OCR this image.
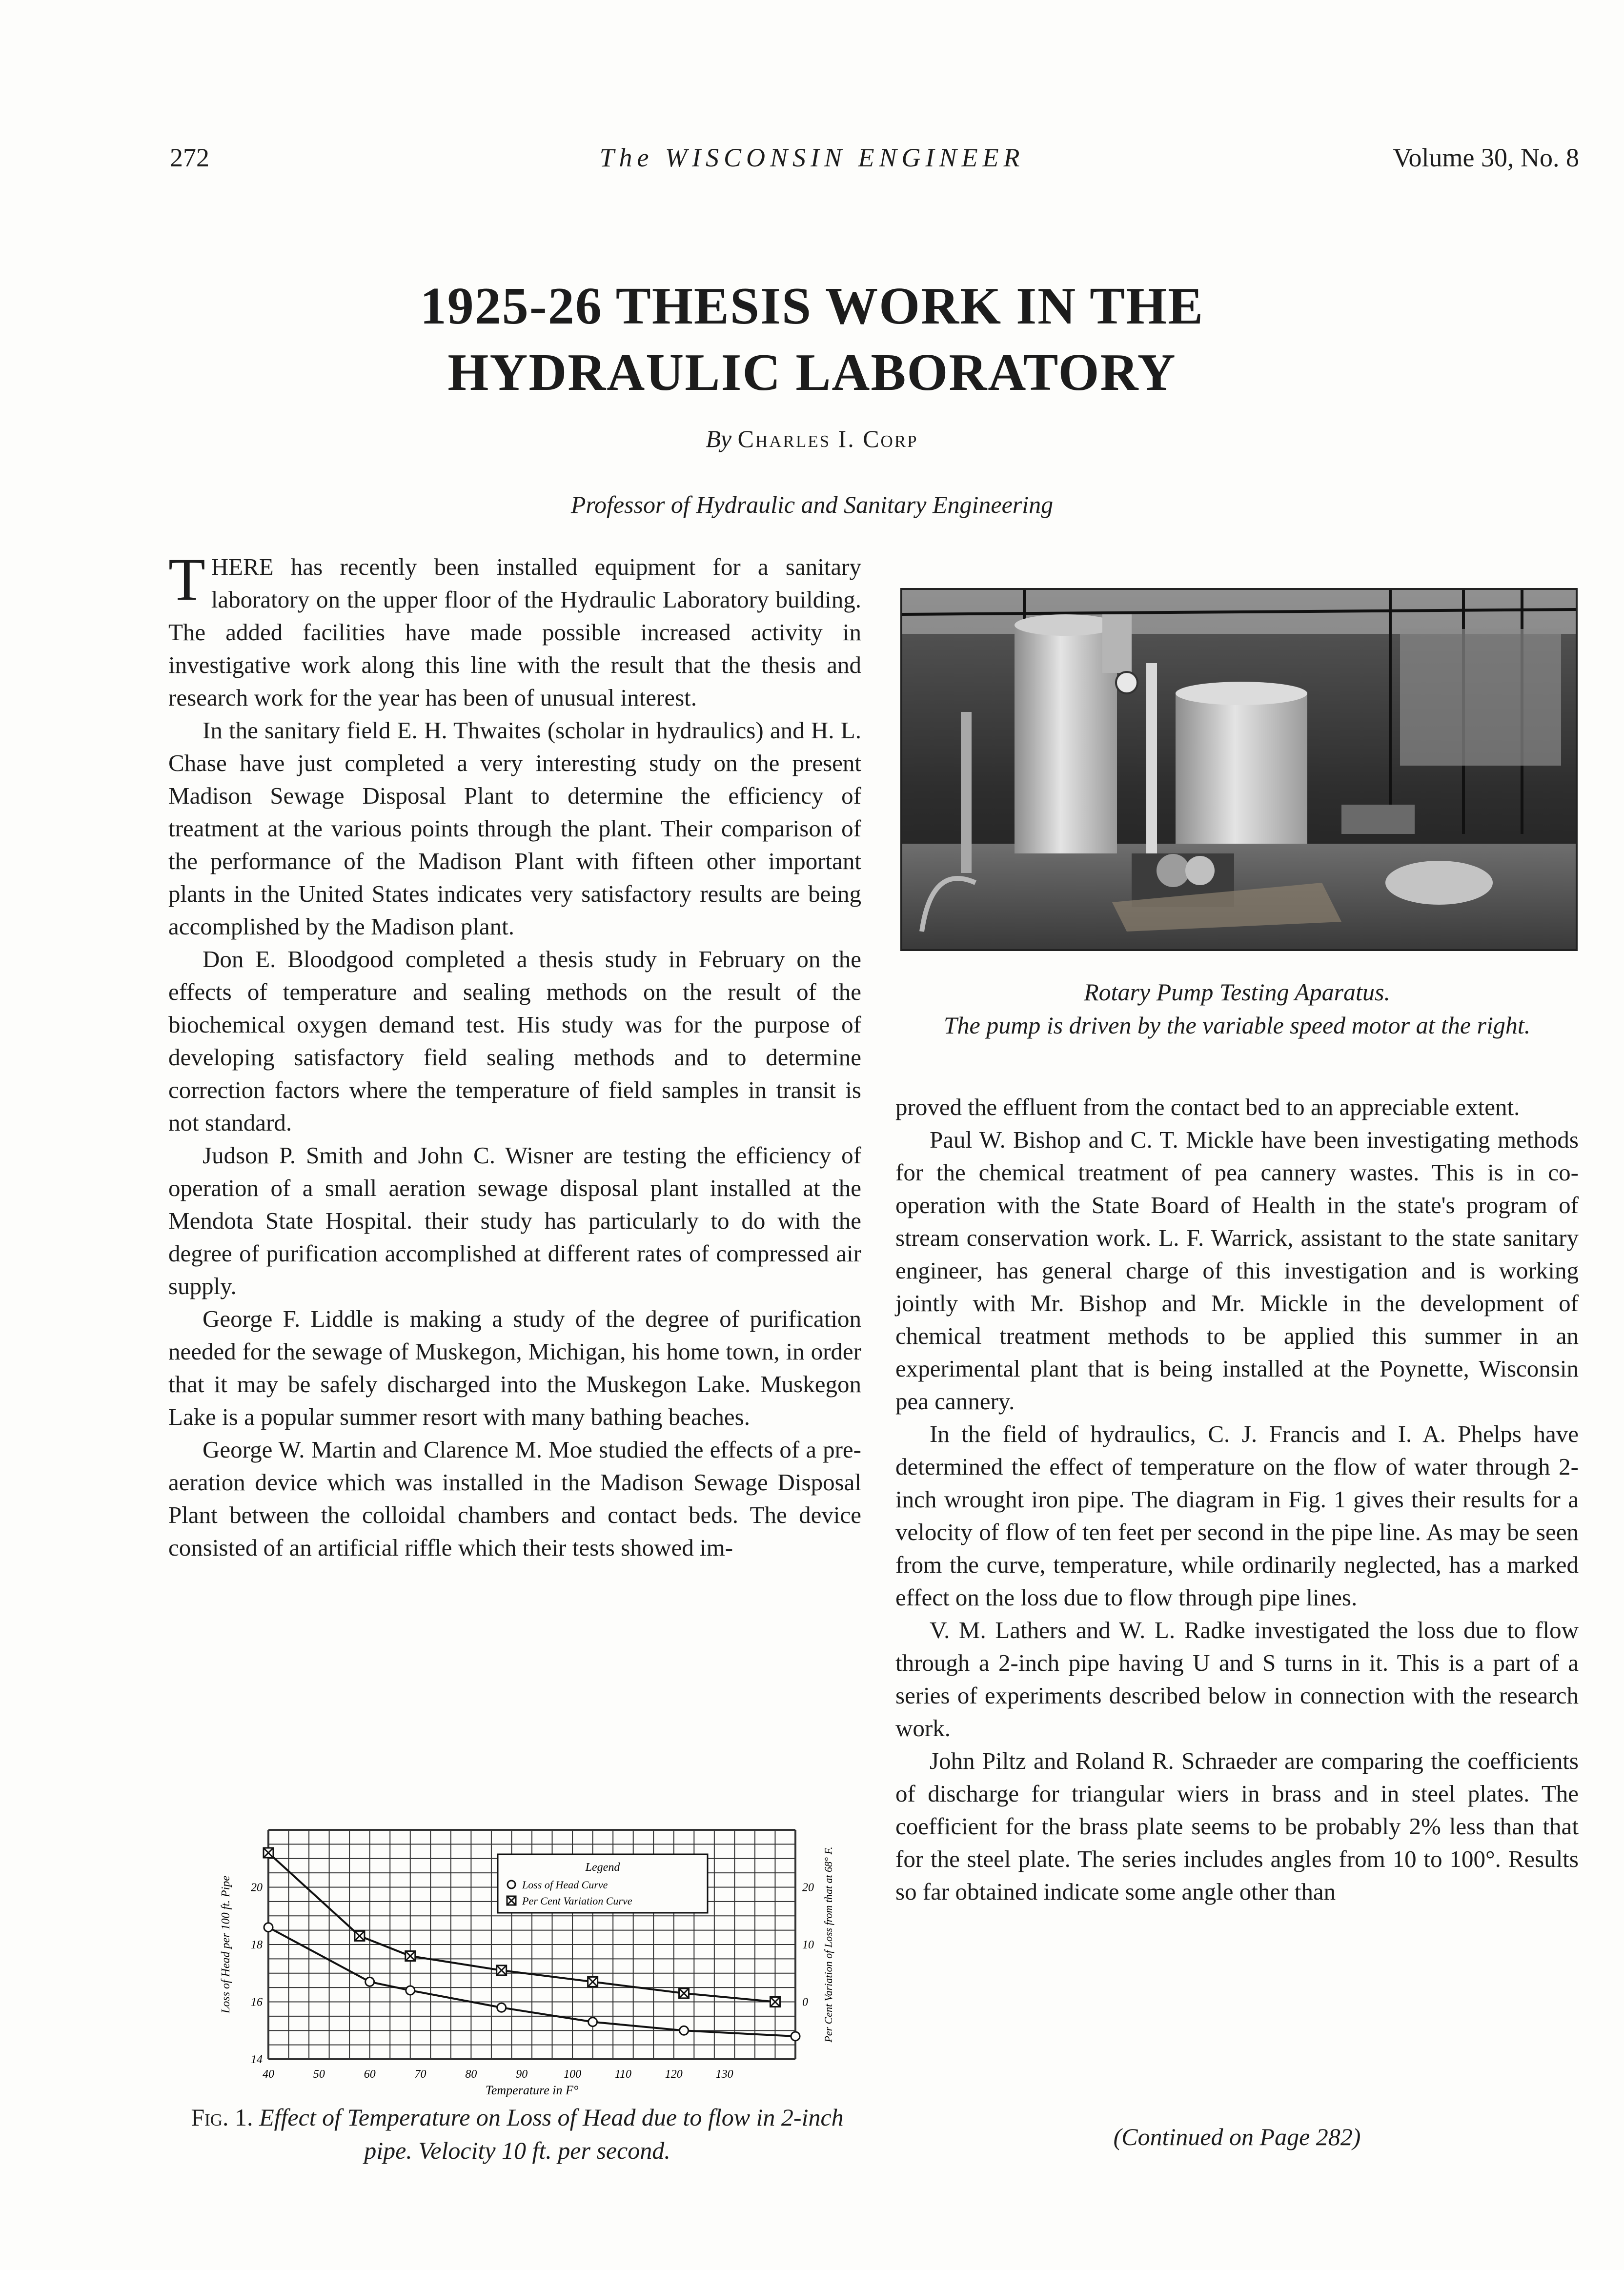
272	The WISCONSIN ENGINEER	Volume 30, No. 8
1925-26 THESIS WORK IN THE
HYDRAULIC LABORATORY
By Charles I. Corp
Professor of Hydraulic and Sanitary Engineering

THERE has recently been installed equipment for a sanitary laboratory on the upper floor of the Hydraulic Laboratory building. The added facilities have made possible increased activity in investigative work along this line with the result that the thesis and research work for the year has been of unusual interest.

In the sanitary field E. H. Thwaites (scholar in hydraulics) and H. L. Chase have just completed a very interesting study on the present Madison Sewage Disposal Plant to determine the efficiency of treatment at the various points through the plant. Their comparison of the performance of the Madison Plant with fifteen other important plants in the United States indicates very satisfactory results are being accomplished by the Madison plant.

Don E. Bloodgood completed a thesis study in February on the effects of temperature and sealing methods on the result of the biochemical oxygen demand test. His study was for the purpose of developing satisfactory field sealing methods and to determine correction factors where the temperature of field samples in transit is not standard.

Judson P. Smith and John C. Wisner are testing the efficiency of operation of a small aeration sewage disposal plant installed at the Mendota State Hospital. their study has particularly to do with the degree of purification accomplished at different rates of compressed air supply.

George F. Liddle is making a study of the degree of purification needed for the sewage of Muskegon, Michigan, his home town, in order that it may be safely discharged into the Muskegon Lake. Muskegon Lake is a popular summer resort with many bathing beaches.

George W. Martin and Clarence M. Moe studied the effects of a pre-aeration device which was installed in the Madison Sewage Disposal Plant between the colloidal chambers and contact beds. The device consisted of an artificial riffle which their tests showed im-

Rotary Pump Testing Aparatus.
The pump is driven by the variable speed motor at the right.

proved the effluent from the contact bed to an appreciable extent.

Paul W. Bishop and C. T. Mickle have been investigating methods for the chemical treatment of pea cannery wastes. This is in co-operation with the State Board of Health in the state's program of stream conservation work. L. F. Warrick, assistant to the state sanitary engineer, has general charge of this investigation and is working jointly with Mr. Bishop and Mr. Mickle in the development of chemical treatment methods to be applied this summer in an experimental plant that is being installed at the Poynette, Wisconsin pea cannery.

In the field of hydraulics, C. J. Francis and I. A. Phelps have determined the effect of temperature on the flow of water through 2-inch wrought iron pipe. The diagram in Fig. 1 gives their results for a velocity of flow of ten feet per second in the pipe line. As may be seen from the curve, temperature, while ordinarily neglected, has a marked effect on the loss due to flow through pipe lines.

V. M. Lathers and W. L. Radke investigated the loss due to flow through a 2-inch pipe having U and S turns in it. This is a part of a series of experiments described below in connection with the research work.

John Piltz and Roland R. Schraeder are comparing the coefficients of discharge for triangular wiers in brass and in steel plates. The coefficient for the brass plate seems to be probably 2% less than that for the steel plate. The series includes angles from 10 to 100°. Results so far obtained indicate some angle other than

(Continued on Page 282)
40	50	60	70	80	90	100	110	120	130
14
16
18
20
0
10
20
Temperature in F°
Loss of Head per 100 ft. Pipe	Per Cent Variation of Loss from that at 68° F.
Legend
Loss of Head Curve
Per Cent Variation Curve
Fig. 1. Effect of Temperature on Loss of Head due to flow in 2-inch pipe. Velocity 10 ft. per second.
